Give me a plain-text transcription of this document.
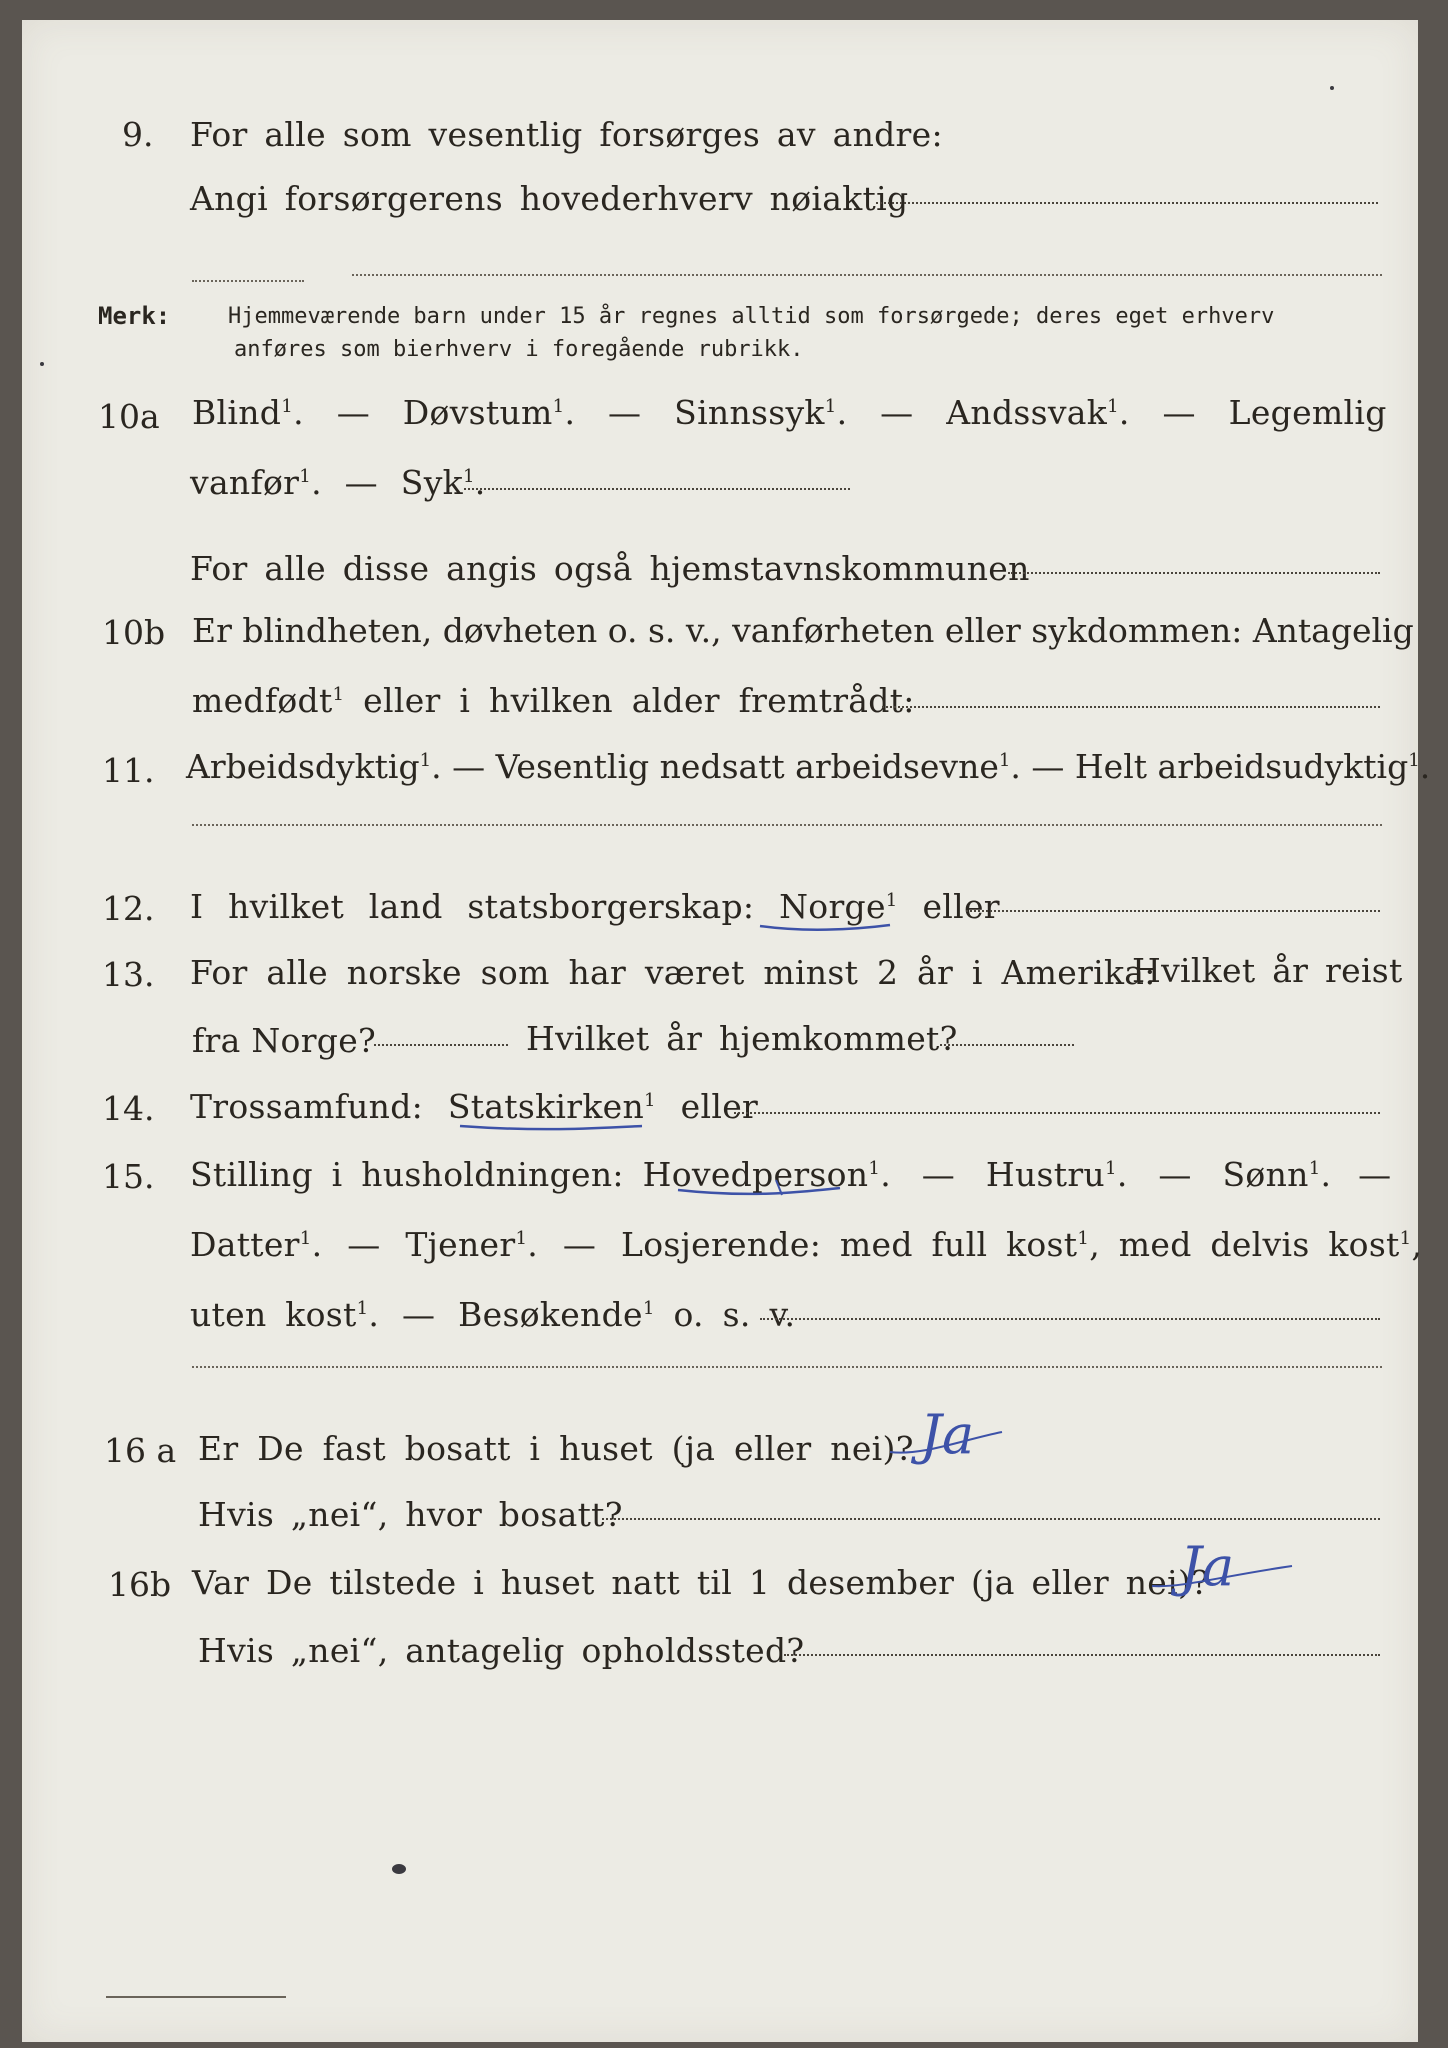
9. For alle som vesentlig forsørges av andre:
Angi forsørgerens hovederhverv nøiaktig
Merk:	Hjemmeværende barn under 15 år regnes alltid som forsørgede; deres eget erhverv
anføres som bierhverv i foregående rubrikk.
10a Blind$^1$. — Døvstum$^1$. — Sinnssyk$^1$. — Andssvak$^1$. — Legemlig
vanfør$^1$. — Syk$^1$.
For alle disse angis også hjemstavnskommunen
10b Er blindheten, døvheten o. s. v., vanførheten eller sykdommen: Antagelig
medfødt$^1$ eller i hvilken alder fremtrådt:
11. Arbeidsdyktig$^1$. — Vesentlig nedsatt arbeidsevne$^1$. — Helt arbeidsudyktig$^1$.
12. I hvilket land statsborgerskap: Norge$^1$ eller
13. For alle norske som har været minst 2 år i Amerika:
Hvilket år reist
fra Norge?	Hvilket år hjemkommet?
14. Trossamfund: Statskirken$^1$ eller
15. Stilling i husholdningen: Hovedperson$^1$. — Hustru$^1$. — Sønn$^1$. —
Datter$^1$. — Tjener$^1$. — Losjerende: med full kost$^1$, med delvis kost$^1$,
uten kost$^1$. — Besøkende$^1$ o. s. v.
16 a Er De fast bosatt i huset (ja eller nei)? Ja
Hvis „nei“, hvor bosatt?
16b Var De tilstede i huset natt til 1 desember (ja eller nei)?
Ja
Hvis „nei“, antagelig opholdssted?
